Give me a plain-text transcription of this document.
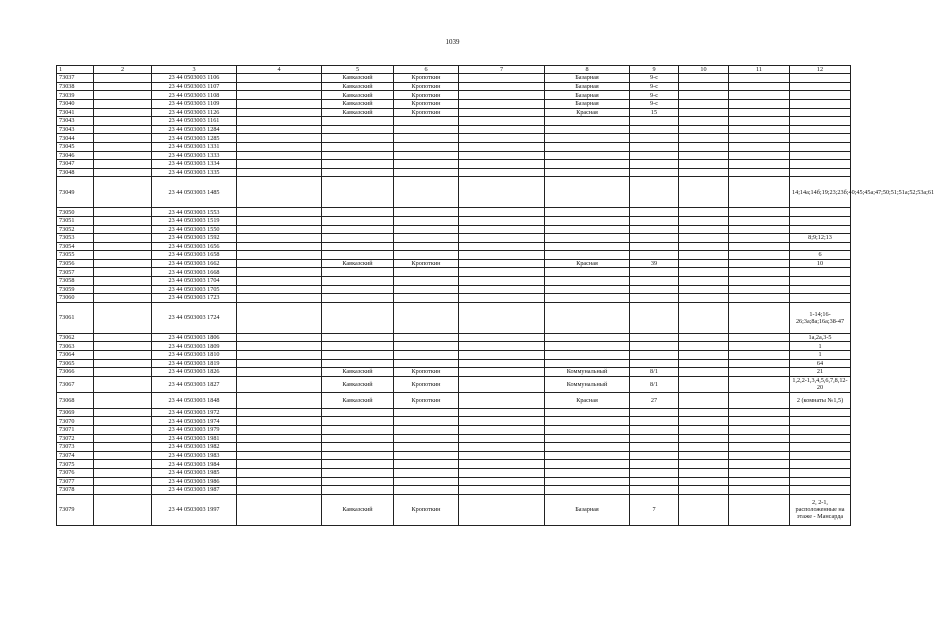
1039
1	2	3	4	5	6	7	8	9	10	11	12
73037		23 44 0503003 1106		Кавказский	Кропоткин		Базарная	9-с			
73038		23 44 0503003 1107		Кавказский	Кропоткин		Базарная	9-с			
73039		23 44 0503003 1108		Кавказский	Кропоткин		Базарная	9-с			
73040		23 44 0503003 1109		Кавказский	Кропоткин		Базарная	9-с			
73041		23 44 0503003 1126		Кавказский	Кропоткин		Красная	15			
73043		23 44 0503003 1161									
73043		23 44 0503003 1284									
73044		23 44 0503003 1285									
73045		23 44 0503003 1331									
73046		23 44 0503003 1333									
73047		23 44 0503003 1334									
73048		23 44 0503003 1335									
73049		23 44 0503003 1485									14;14а;14б;19;23;23б;40;45;45а;47;50;51;51а;52;53а;61
73050		23 44 0503003 1553									
73051		23 44 0503003 1519									
73052		23 44 0503003 1550									
73053		23 44 0503003 1592									8;9;12;13
73054		23 44 0503003 1656									
73055		23 44 0503003 1658									6
73056		23 44 0503003 1662		Кавказский	Кропоткин		Красная	39			10
73057		23 44 0503003 1668									
73058		23 44 0503003 1704									
73059		23 44 0503003 1705									
73060		23 44 0503003 1723									
73061		23 44 0503003 1724									1-14;16-26;3а;8а;16а;38-47
73062		23 44 0503003 1806									1а,2а,3-5
73063		23 44 0503003 1809									1
73064		23 44 0503003 1810									1
73065		23 44 0503003 1819									64
73066		23 44 0503003 1826		Кавказский	Кропоткин		Коммунальный	8/1			21
73067		23 44 0503003 1827		Кавказский	Кропоткин		Коммунальный	8/1			1,2,2-1,3,4,5,6,7,8,12-20
73068		23 44 0503003 1848		Кавказский	Кропоткин		Красная	27			2 (комнаты №1,5)
73069		23 44 0503003 1972									
73070		23 44 0503003 1974									
73071		23 44 0503003 1979									
73072		23 44 0503003 1981									
73073		23 44 0503003 1982									
73074		23 44 0503003 1983									
73075		23 44 0503003 1984									
73076		23 44 0503003 1985									
73077		23 44 0503003 1986									
73078		23 44 0503003 1987									
73079		23 44 0503003 1997		Кавказский	Кропоткин		Базарная	7			2, 2-1, расположенные на этаже - Мансарда
